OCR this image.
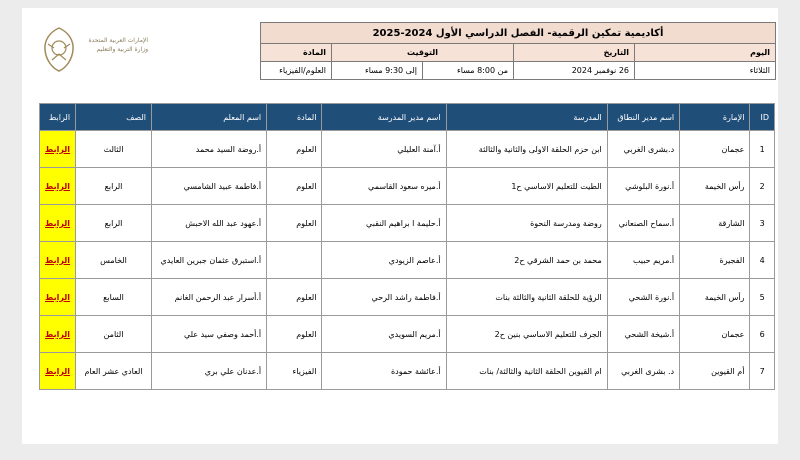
الإمارات العربية المتحدة وزارة التربية والتعليم
أكاديمية تمكين الرقمية- الفصل الدراسي الأول 2024-2025				
اليوم	التاريخ	التوقيت		المادة
الثلاثاء	26 نوفمبر 2024	من 8:00 مساء	إلى 9:30 مساء	العلوم/الفيزياء
ID	الإمارة	اسم مدير النطاق	المدرسة	اسم مدير المدرسة	المادة	اسم المعلم	الصف	الرابط
1	عجمان	د.بشرى الغربي	ابن حزم الحلقة الاولى والثانية والثالثة	أ.آمنة العليلي	العلوم	أ.روضة السيد محمد	الثالث	الرابط
2	رأس الخيمة	أ.نورة البلوشي	الطيت للتعليم الاساسي ح1	أ.ميره سعود القاسمي	العلوم	أ.فاطمة عبيد الشامسي	الرابع	الرابط
3	الشارقة	أ.سماح الصنعاني	روضة ومدرسة النحوة	أ.حليمة ا براهيم النقبي	العلوم	أ.عهود عبد الله الاحبش	الرابع	الرابط
4	الفجيرة	أ.مريم حبيب	محمد بن حمد الشرقي ح2	أ.عاصم الزيودي		أ.استبرق عثمان جبرين العايدي	الخامس	الرابط
5	رأس الخيمة	أ.نورة الشحي	الرؤية للحلقة الثانية والثالثة بنات	أ.فاطمة راشد الرحي	العلوم	أ.أسرار عبد الرحمن الغانم	السابع	الرابط
6	عجمان	أ.شيخة الشحي	الجرف للتعليم الاساسي بنين ح2	أ.مريم السويدي	العلوم	أ.أحمد وصفي سيد علي	الثامن	الرابط
7	أم القيوين	د. بشرى الغربي	ام القيوين الحلقة الثانية والثالثة/ بنات	أ.عائشة حمودة	الفيزياء	أ.عدنان علي بري	العادي عشر العام	الرابط
